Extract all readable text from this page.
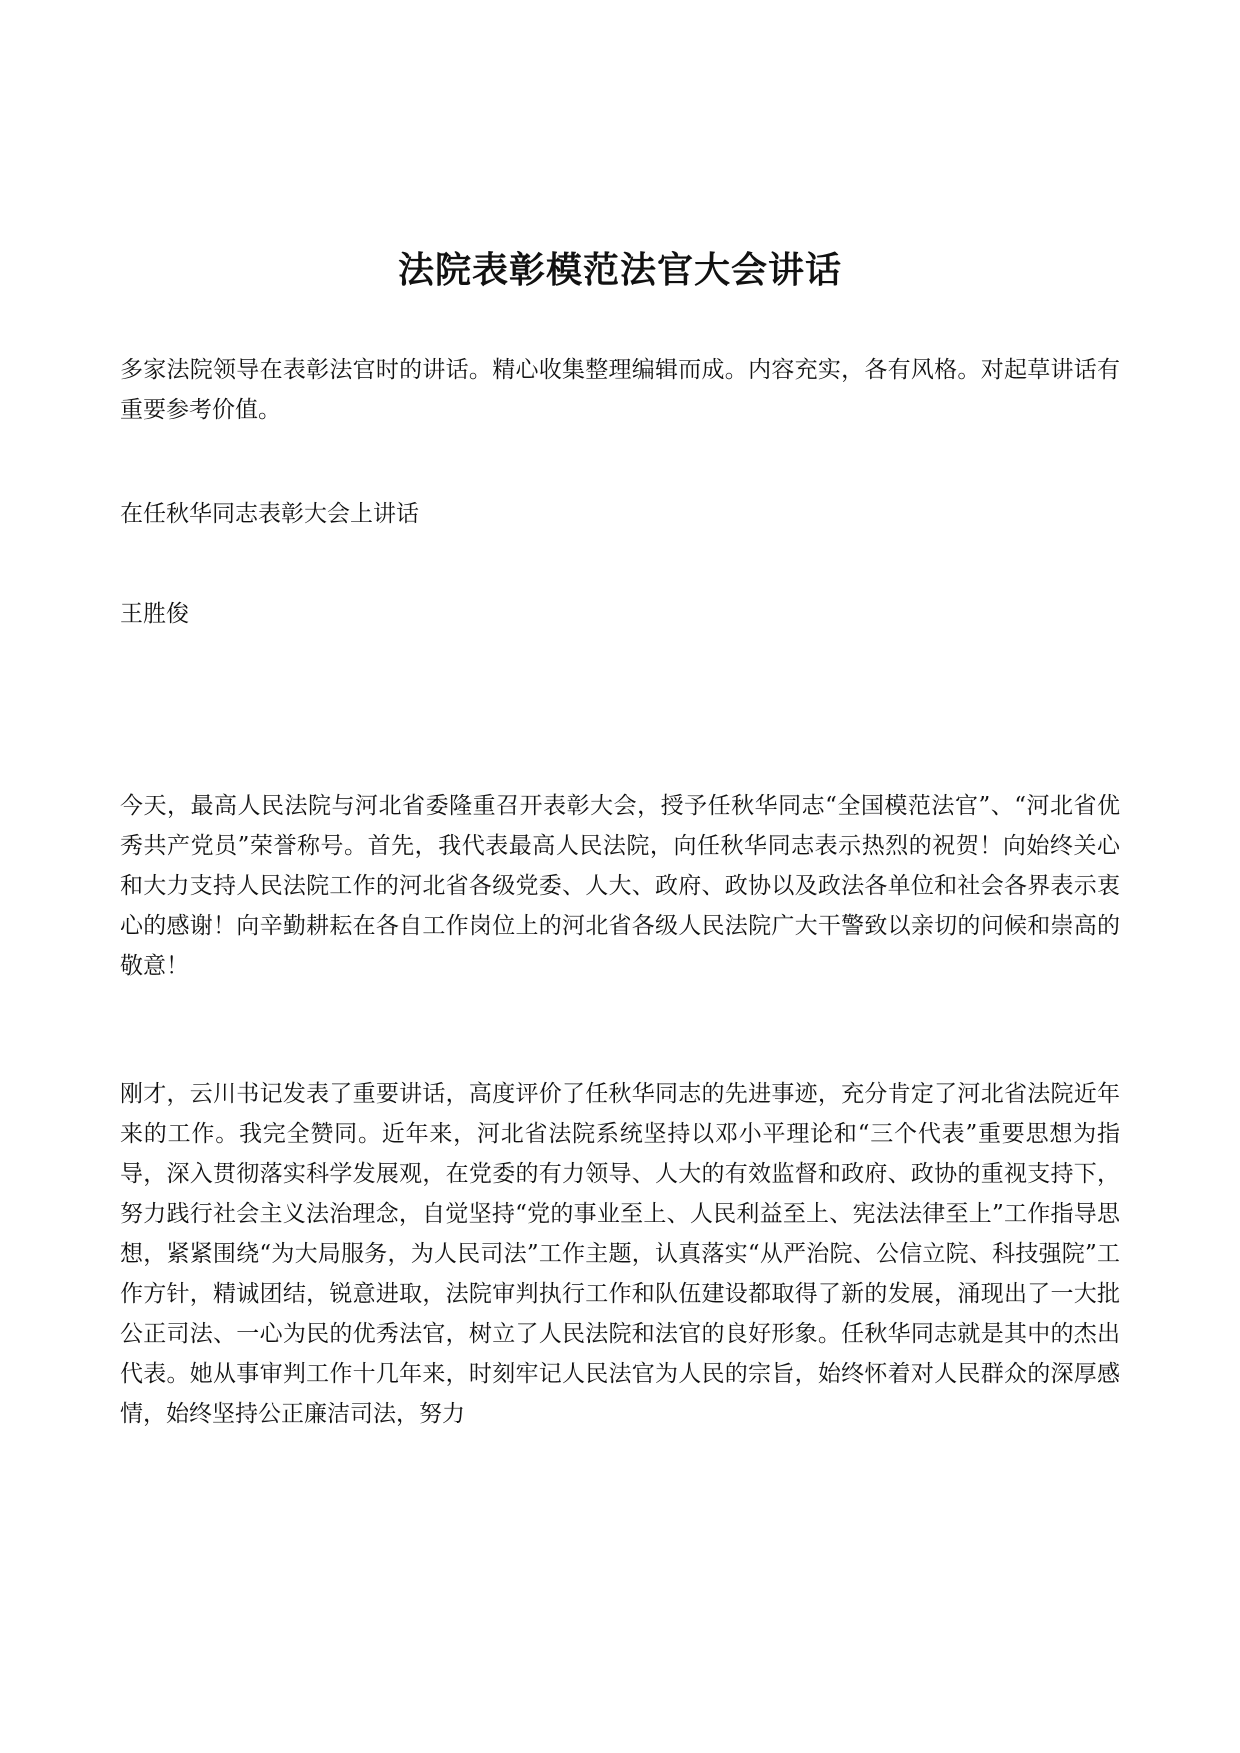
法院表彰模范法官大会讲话

多家法院领导在表彰法官时的讲话。精心收集整理编辑而成。内容充实，各有风格。对起草讲话有重要参考价值。

在任秋华同志表彰大会上讲话

王胜俊

今天，最高人民法院与河北省委隆重召开表彰大会，授予任秋华同志“全国模范法官”、“河北省优秀共产党员”荣誉称号。首先，我代表最高人民法院，向任秋华同志表示热烈的祝贺！向始终关心和大力支持人民法院工作的河北省各级党委、人大、政府、政协以及政法各单位和社会各界表示衷心的感谢！向辛勤耕耘在各自工作岗位上的河北省各级人民法院广大干警致以亲切的问候和崇高的敬意！

刚才，云川书记发表了重要讲话，高度评价了任秋华同志的先进事迹，充分肯定了河北省法院近年来的工作。我完全赞同。近年来，河北省法院系统坚持以邓小平理论和“三个代表”重要思想为指导，深入贯彻落实科学发展观，在党委的有力领导、人大的有效监督和政府、政协的重视支持下，努力践行社会主义法治理念，自觉坚持“党的事业至上、人民利益至上、宪法法律至上”工作指导思想，紧紧围绕“为大局服务，为人民司法”工作主题，认真落实“从严治院、公信立院、科技强院”工作方针，精诚团结，锐意进取，法院审判执行工作和队伍建设都取得了新的发展，涌现出了一大批公正司法、一心为民的优秀法官，树立了人民法院和法官的良好形象。任秋华同志就是其中的杰出代表。她从事审判工作十几年来，时刻牢记人民法官为人民的宗旨，始终怀着对人民群众的深厚感情，始终坚持公正廉洁司法，努力
